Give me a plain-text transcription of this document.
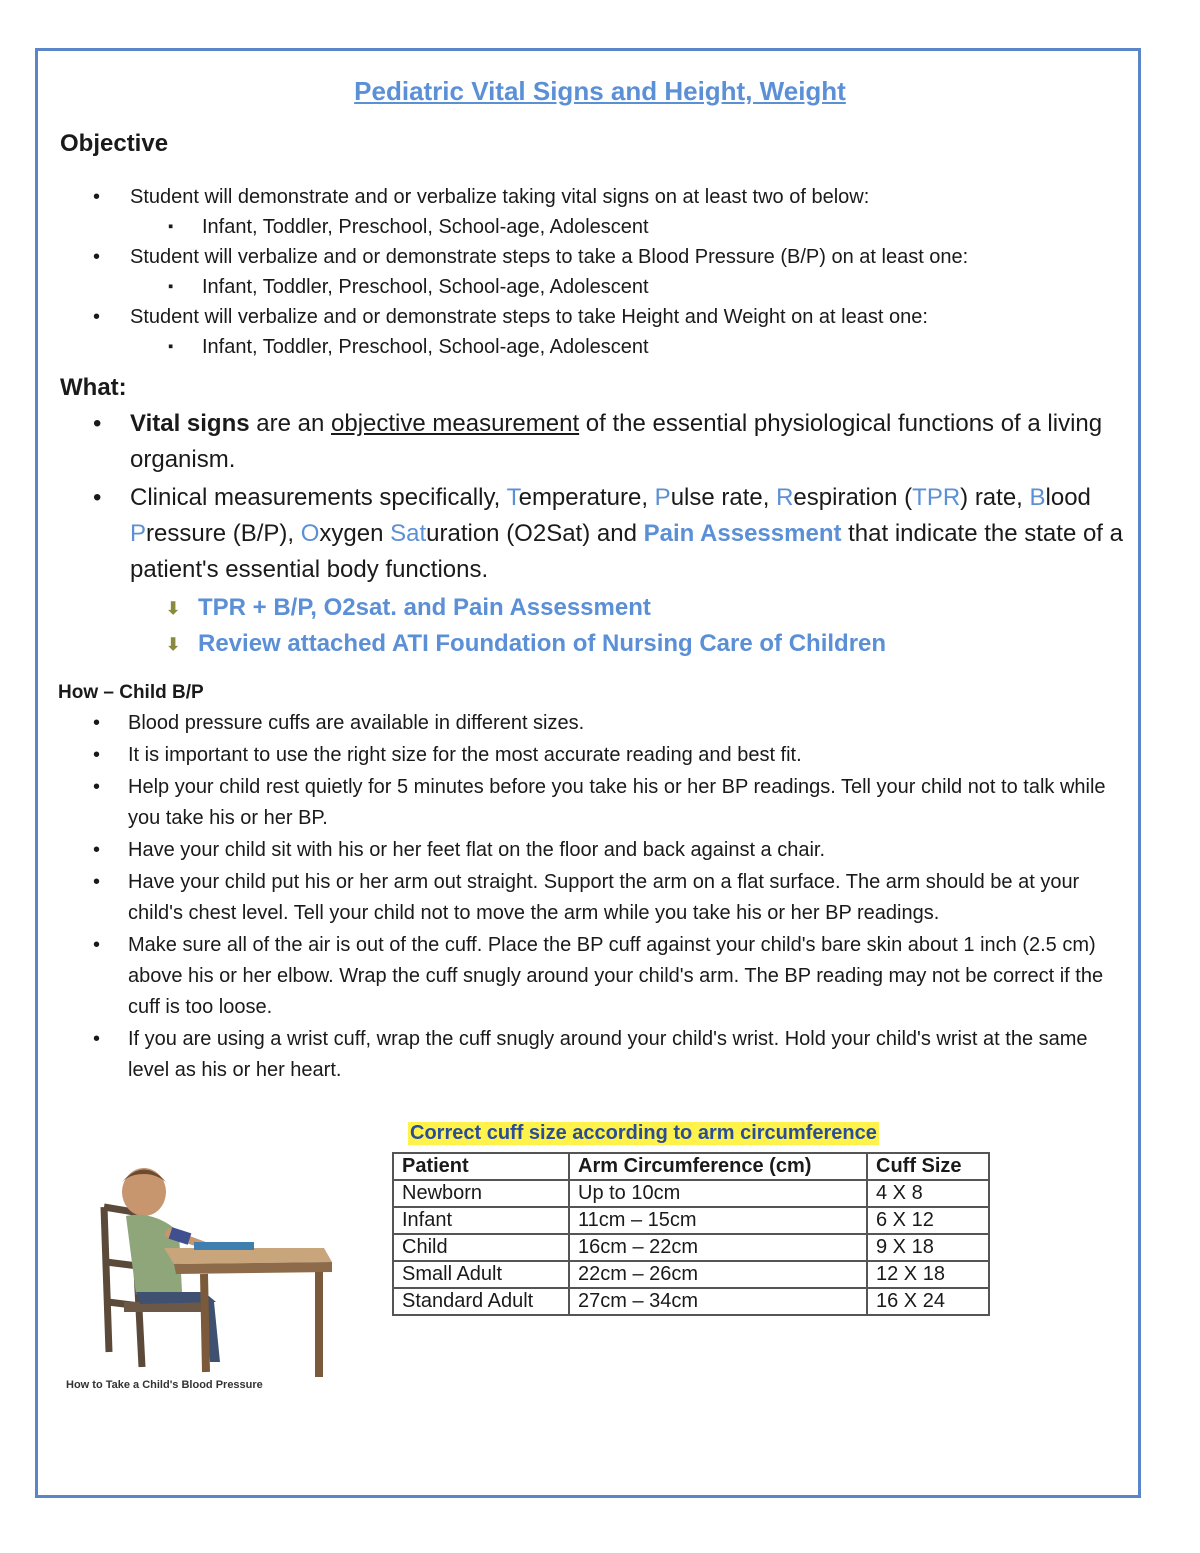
Pediatric Vital Signs and Height, Weight
Objective
• Student will demonstrate and or verbalize taking vital signs on at least two of below:
▪ Infant, Toddler, Preschool, School-age, Adolescent
• Student will verbalize and or demonstrate steps to take a Blood Pressure (B/P) on at least one:
▪ Infant, Toddler, Preschool, School-age, Adolescent
• Student will verbalize and or demonstrate steps to take Height and Weight on at least one:
▪ Infant, Toddler, Preschool, School-age, Adolescent
What:
• Vital signs are an objective measurement of the essential physiological functions of a living organism.
• Clinical measurements specifically, Temperature, Pulse rate, Respiration (TPR) rate, Blood Pressure (B/P), Oxygen Saturation (O2Sat) and Pain Assessment that indicate the state of a patient's essential body functions.
⬇ TPR + B/P, O2sat. and Pain Assessment
⬇ Review attached ATI Foundation of Nursing Care of Children
How – Child B/P
• Blood pressure cuffs are available in different sizes.
• It is important to use the right size for the most accurate reading and best fit.
• Help your child rest quietly for 5 minutes before you take his or her BP readings. Tell your child not to talk while you take his or her BP.
• Have your child sit with his or her feet flat on the floor and back against a chair.
• Have your child put his or her arm out straight. Support the arm on a flat surface. The arm should be at your child's chest level. Tell your child not to move the arm while you take his or her BP readings.
• Make sure all of the air is out of the cuff. Place the BP cuff against your child's bare skin about 1 inch (2.5 cm) above his or her elbow. Wrap the cuff snugly around your child's arm. The BP reading may not be correct if the cuff is too loose.
• If you are using a wrist cuff, wrap the cuff snugly around your child's wrist. Hold your child's wrist at the same level as his or her heart.
How to Take a Child's Blood Pressure
Correct cuff size according to arm circumference
Patient	Arm Circumference (cm)	Cuff Size
Newborn	Up to 10cm	4 X 8
Infant	11cm – 15cm	6 X 12
Child	16cm – 22cm	9 X 18
Small Adult	22cm – 26cm	12 X 18
Standard Adult	27cm – 34cm	16 X 24
